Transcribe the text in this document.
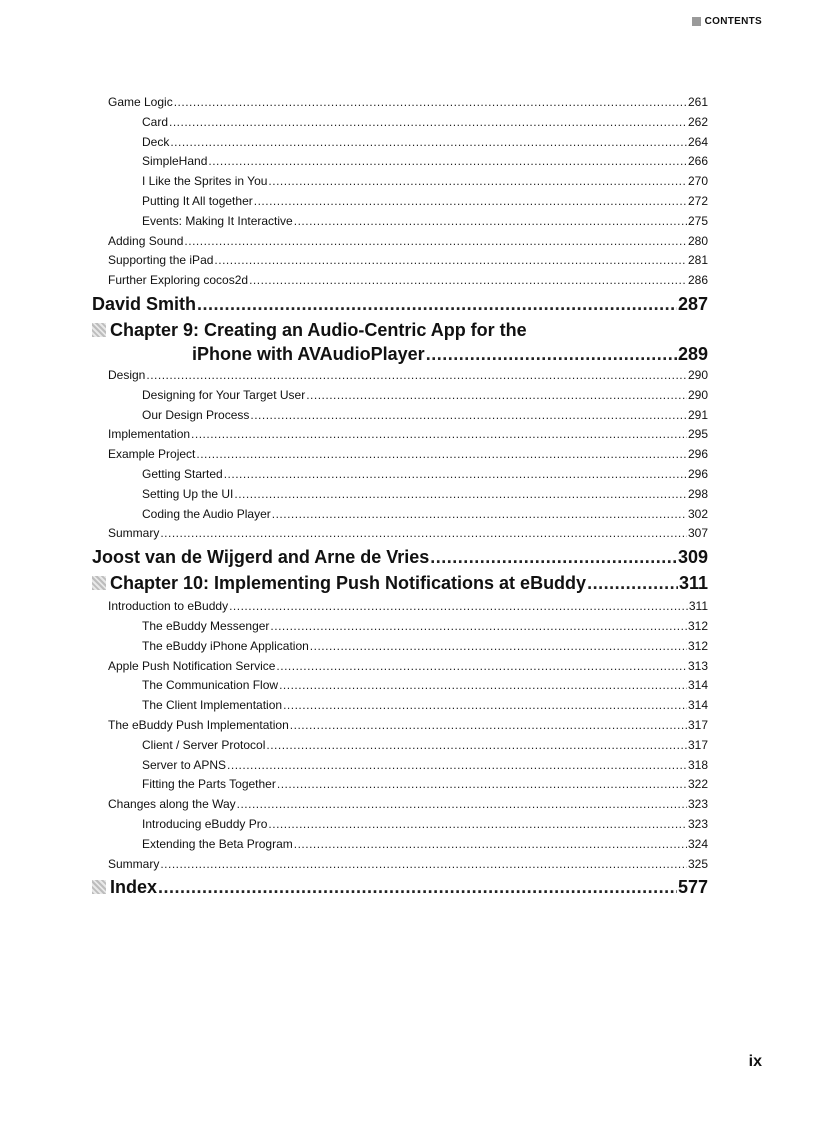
CONTENTS
Game Logic .....	261
Card .....	262
Deck .....	264
SimpleHand .....	266
I Like the Sprites in You .....	270
Putting It All together .....	272
Events: Making It Interactive .....	275
Adding Sound .....	280
Supporting the iPad .....	281
Further Exploring cocos2d .....	286
David Smith .....	287
Chapter 9: Creating an Audio-Centric App for the
iPhone with AVAudioPlayer .....	289
Design .....	290
Designing for Your Target User .....	290
Our Design Process .....	291
Implementation .....	295
Example Project .....	296
Getting Started .....	296
Setting Up the UI .....	298
Coding the Audio Player .....	302
Summary .....	307
Joost van de Wijgerd and Arne de Vries .....	309
Chapter 10: Implementing Push Notifications at eBuddy .....	311
Introduction to eBuddy .....	311
The eBuddy Messenger .....	312
The eBuddy iPhone Application .....	312
Apple Push Notification Service .....	313
The Communication Flow .....	314
The Client Implementation .....	314
The eBuddy Push Implementation .....	317
Client / Server Protocol .....	317
Server to APNS .....	318
Fitting the Parts Together .....	322
Changes along the Way .....	323
Introducing eBuddy Pro .....	323
Extending the Beta Program .....	324
Summary .....	325
Index .....	577
ix
